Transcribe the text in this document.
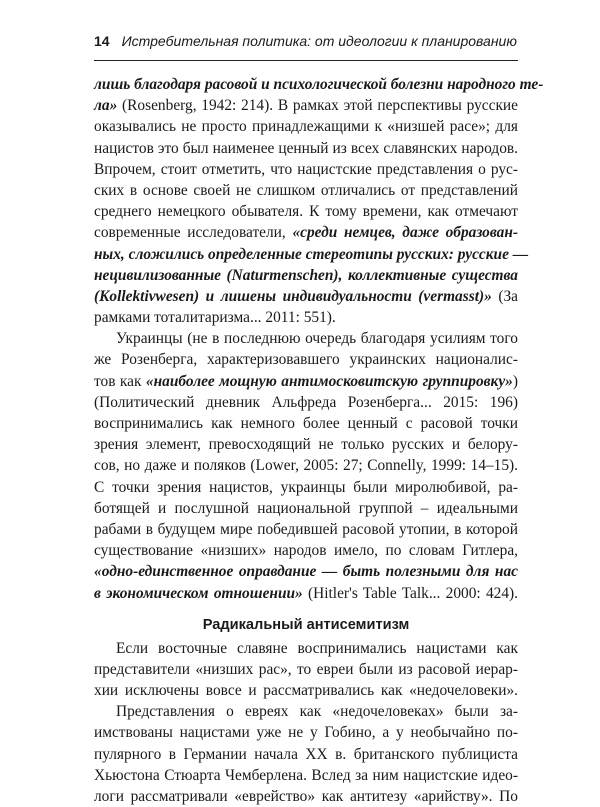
14 Истребительная политика: от идеологии к планированию
лишь благодаря расовой и психологической болезни народного те-
ла» (Rosenberg, 1942: 214). В рамках этой перспективы русские
оказывались не просто принадлежащими к «низшей расе»; для
нацистов это был наименее ценный из всех славянских народов.
Впрочем, стоит отметить, что нацистские представления о рус-
ских в основе своей не слишком отличались от представлений
среднего немецкого обывателя. К тому времени, как отмечают
современные исследователи, «среди немцев, даже образован-
ных, сложились определенные стереотипы русских: русские —
нецивилизованные (Naturmenschen), коллективные существа
(Kollektivwesen) и лишены индивидуальности (vermasst)» (За
рамками тоталитаризма... 2011: 551).
Украинцы (не в последнюю очередь благодаря усилиям того
же Розенберга, характеризовавшего украинских националис-
тов как «наиболее мощную антимосковитскую группировку»)
(Политический дневник Альфреда Розенберга... 2015: 196)
воспринимались как немного более ценный с расовой точки
зрения элемент, превосходящий не только русских и белору-
сов, но даже и поляков (Lower, 2005: 27; Connelly, 1999: 14–15).
С точки зрения нацистов, украинцы были миролюбивой, ра-
ботящей и послушной национальной группой – идеальными
рабами в будущем мире победившей расовой утопии, в которой
существование «низших» народов имело, по словам Гитлера,
«одно-единственное оправдание — быть полезными для нас
в экономическом отношении» (Hitler's Table Talk... 2000: 424).
Радикальный антисемитизм
Если восточные славяне воспринимались нацистами как
представители «низших рас», то евреи были из расовой иерар-
хии исключены вовсе и рассматривались как «недочеловеки».
Представления о евреях как «недочеловеках» были за-
имствованы нацистами уже не у Гобино, а у необычайно по-
пулярного в Германии начала XX в. британского публициста
Хьюстона Стюарта Чемберлена. Вслед за ним нацистские идео-
логи рассматривали «еврейство» как антитезу «арийству». По
